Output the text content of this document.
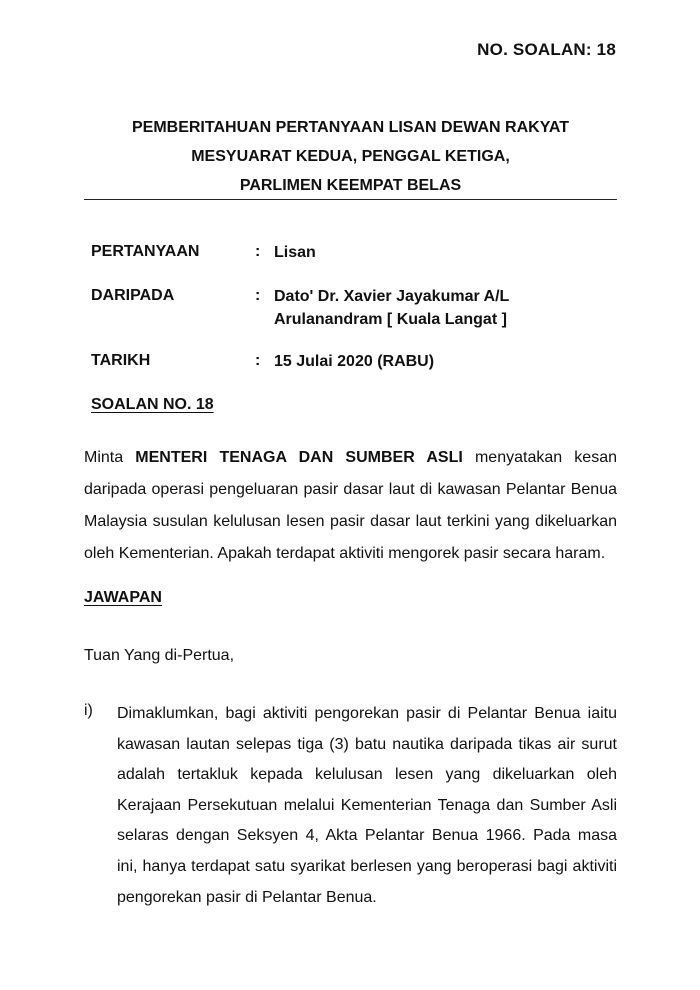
NO. SOALAN: 18
PEMBERITAHUAN PERTANYAAN LISAN DEWAN RAKYAT
MESYUARAT KEDUA, PENGGAL KETIGA,
PARLIMEN KEEMPAT BELAS
PERTANYAAN	: Lisan
DARIPADA	: Dato' Dr. Xavier Jayakumar A/L
Arulanandram [ Kuala Langat ]
TARIKH	: 15 Julai 2020 (RABU)
SOALAN NO. 18
Minta MENTERI TENAGA DAN SUMBER ASLI menyatakan kesan
daripada operasi pengeluaran pasir dasar laut di kawasan Pelantar Benua
Malaysia susulan kelulusan lesen pasir dasar laut terkini yang dikeluarkan
oleh Kementerian. Apakah terdapat aktiviti mengorek pasir secara haram.
JAWAPAN
Tuan Yang di-Pertua,
i) Dimaklumkan, bagi aktiviti pengorekan pasir di Pelantar Benua iaitu
kawasan lautan selepas tiga (3) batu nautika daripada tikas air surut
adalah tertakluk kepada kelulusan lesen yang dikeluarkan oleh
Kerajaan Persekutuan melalui Kementerian Tenaga dan Sumber Asli
selaras dengan Seksyen 4, Akta Pelantar Benua 1966. Pada masa
ini, hanya terdapat satu syarikat berlesen yang beroperasi bagi aktiviti
pengorekan pasir di Pelantar Benua.
